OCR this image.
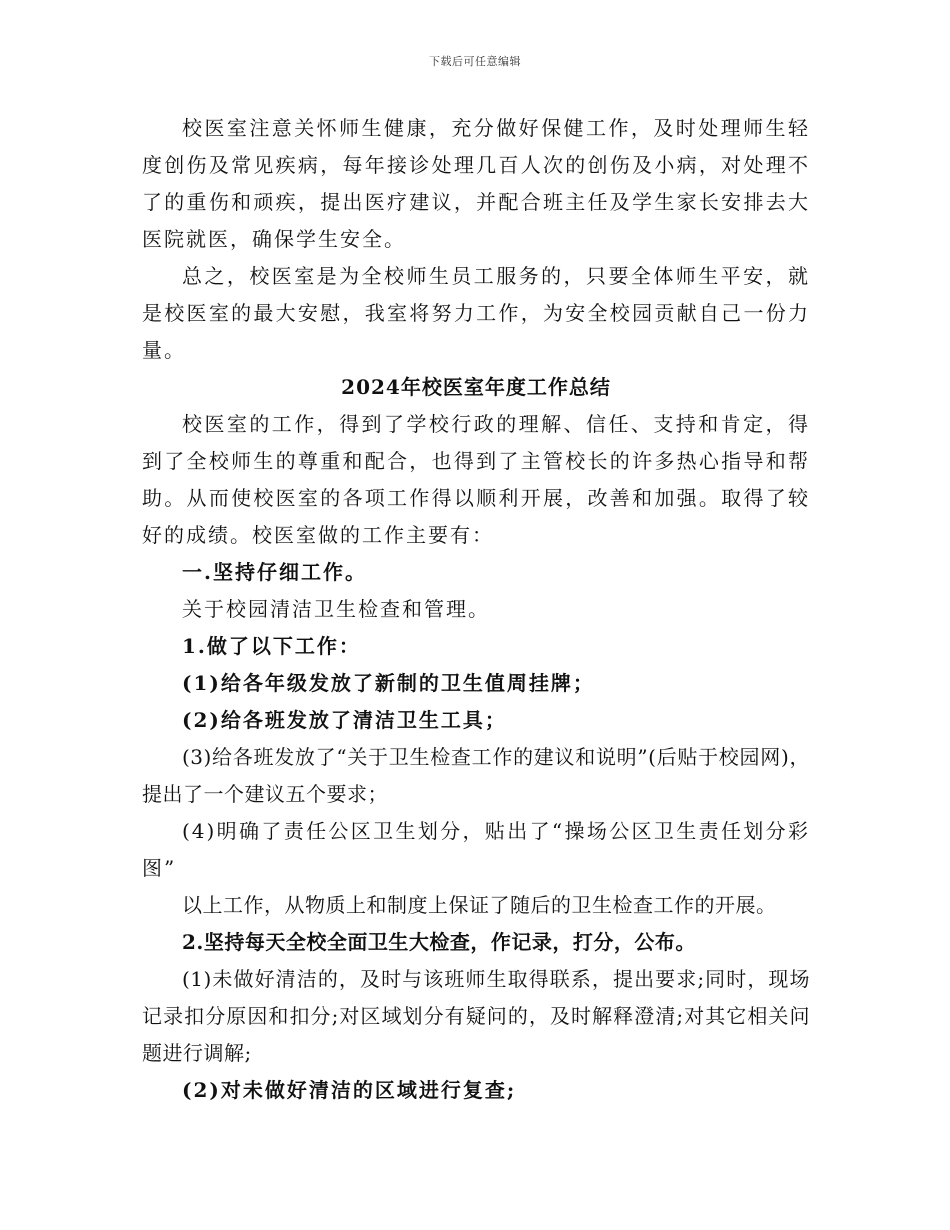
下载后可任意编辑

校医室注意关怀师生健康，充分做好保健工作，及时处理师生轻度创伤及常见疾病，每年接诊处理几百人次的创伤及小病，对处理不了的重伤和顽疾，提出医疗建议，并配合班主任及学生家长安排去大医院就医，确保学生安全。

总之，校医室是为全校师生员工服务的，只要全体师生平安，就是校医室的最大安慰，我室将努力工作，为安全校园贡献自己一份力量。

2024年校医室年度工作总结

校医室的工作，得到了学校行政的理解、信任、支持和肯定，得到了全校师生的尊重和配合，也得到了主管校长的许多热心指导和帮助。从而使校医室的各项工作得以顺利开展，改善和加强。取得了较好的成绩。校医室做的工作主要有：

一.坚持仔细工作。

关于校园清洁卫生检查和管理。

1.做了以下工作：

(1)给各年级发放了新制的卫生值周挂牌；

(2)给各班发放了清洁卫生工具；

(3)给各班发放了“关于卫生检查工作的建议和说明”(后贴于校园网)，提出了一个建议五个要求；

(4)明确了责任公区卫生划分，贴出了“操场公区卫生责任划分彩图”

以上工作，从物质上和制度上保证了随后的卫生检查工作的开展。

2.坚持每天全校全面卫生大检查，作记录，打分，公布。

(1)未做好清洁的，及时与该班师生取得联系，提出要求;同时，现场记录扣分原因和扣分;对区域划分有疑问的，及时解释澄清;对其它相关问题进行调解;

(2)对未做好清洁的区域进行复查;
